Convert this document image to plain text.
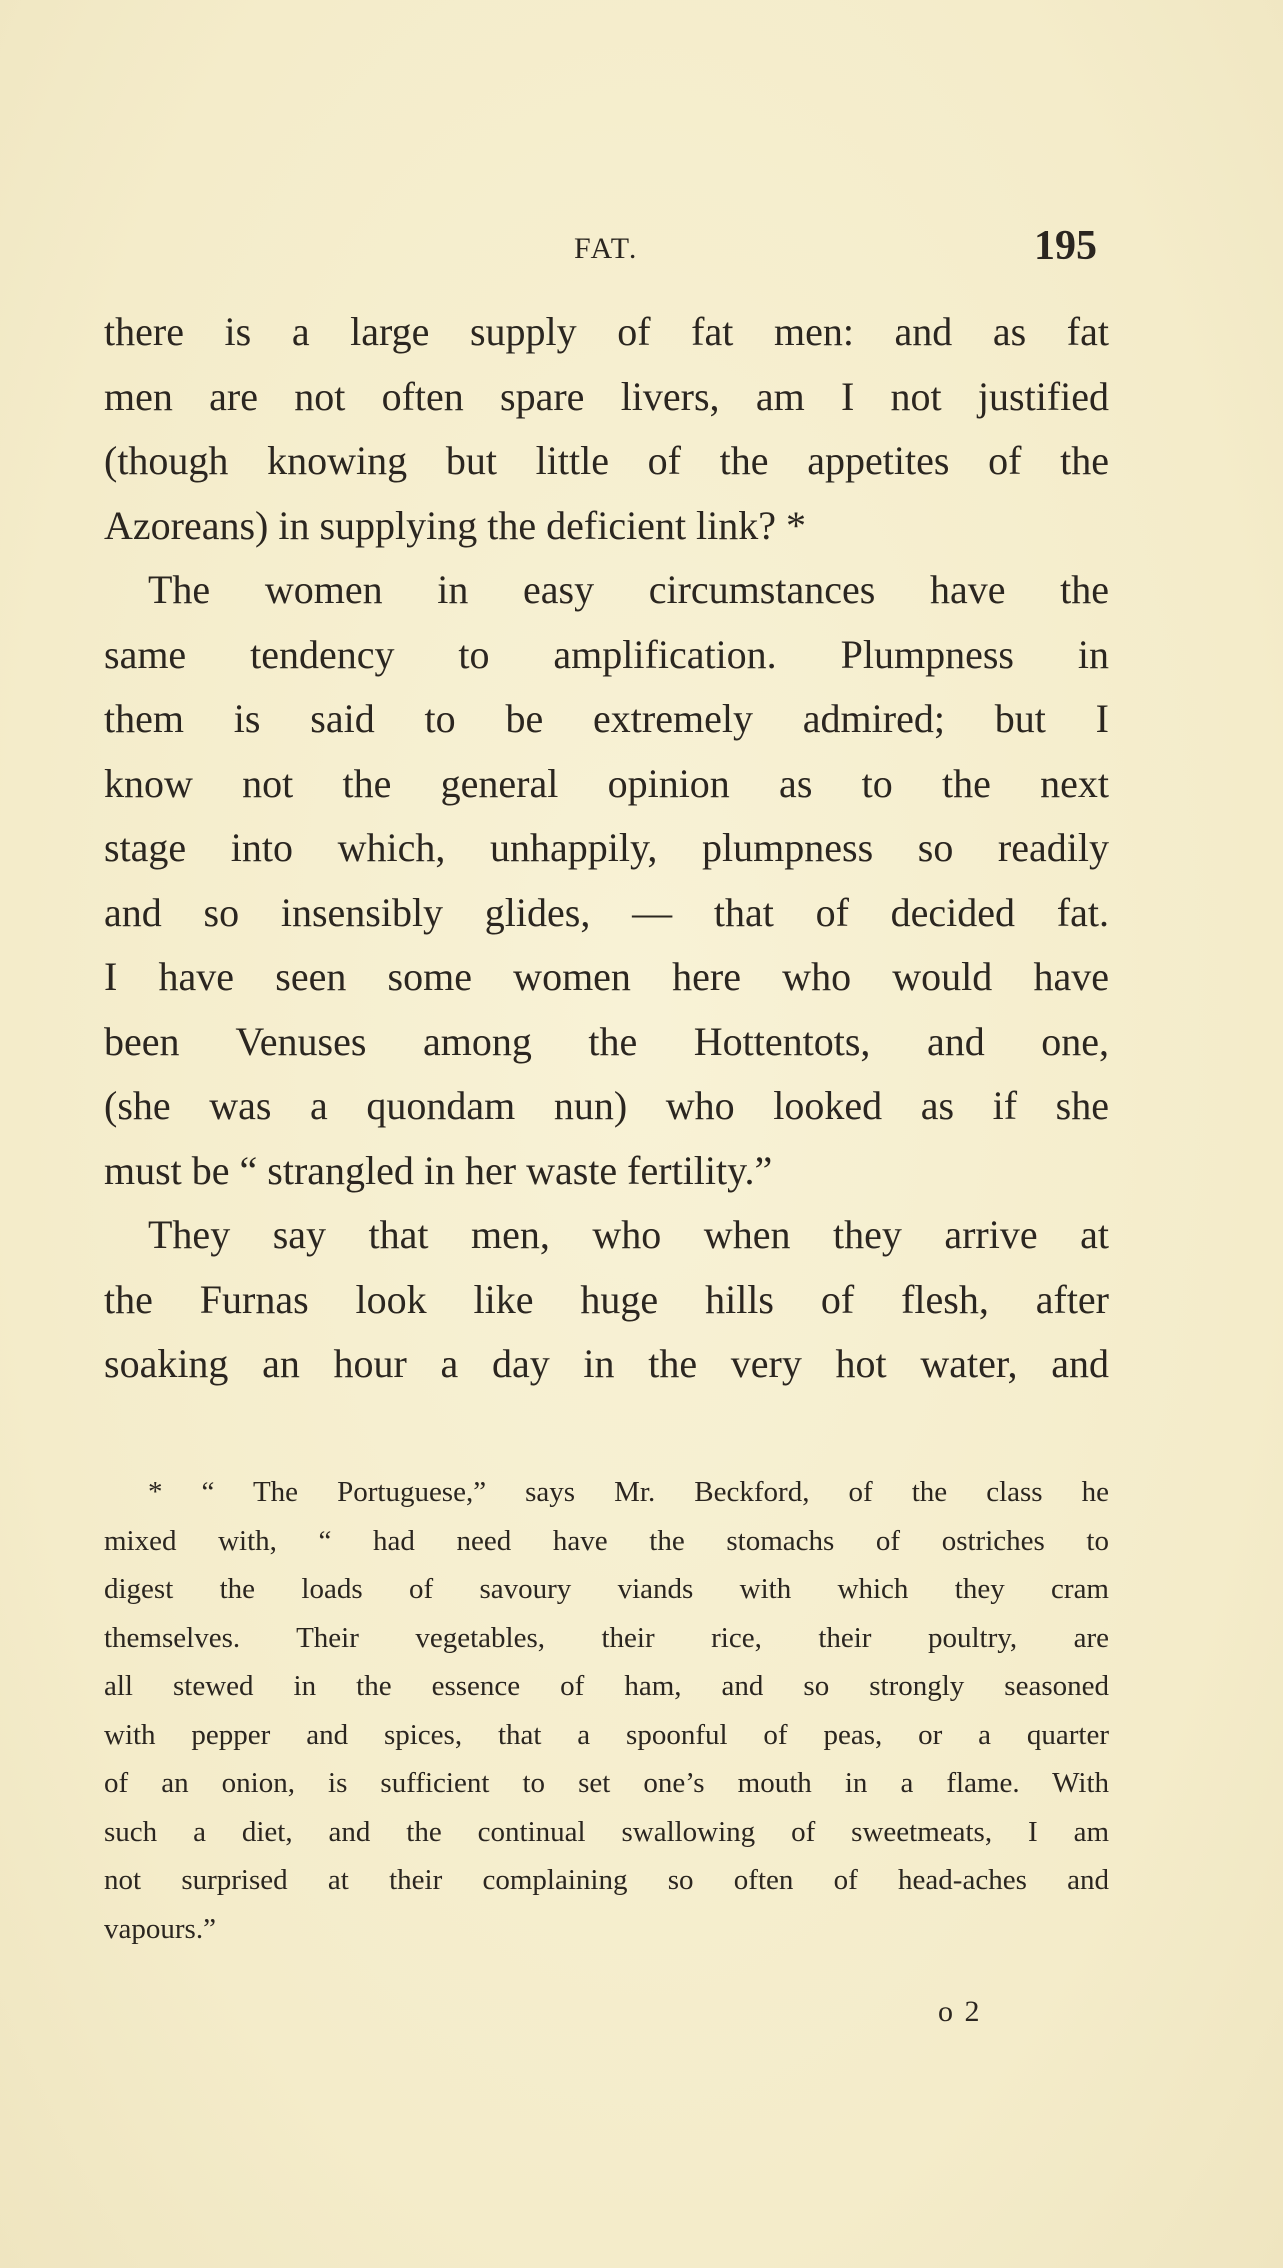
FAT.	195
there is a large supply of fat men: and as fat
men are not often spare livers, am I not justified
(though knowing but little of the appetites of the
Azoreans) in supplying the deficient link? *
The women in easy circumstances have the
same tendency to amplification. Plumpness in
them is said to be extremely admired; but I
know not the general opinion as to the next
stage into which, unhappily, plumpness so readily
and so insensibly glides, — that of decided fat.
I have seen some women here who would have
been Venuses among the Hottentots, and one,
(she was a quondam nun) who looked as if she
must be “ strangled in her waste fertility.”
They say that men, who when they arrive at
the Furnas look like huge hills of flesh, after
soaking an hour a day in the very hot water, and
* “ The Portuguese,” says Mr. Beckford, of the class he
mixed with, “ had need have the stomachs of ostriches to
digest the loads of savoury viands with which they cram
themselves. Their vegetables, their rice, their poultry, are
all stewed in the essence of ham, and so strongly seasoned
with pepper and spices, that a spoonful of peas, or a quarter
of an onion, is sufficient to set one’s mouth in a flame. With
such a diet, and the continual swallowing of sweetmeats, I am
not surprised at their complaining so often of head-aches and
vapours.”
o 2
